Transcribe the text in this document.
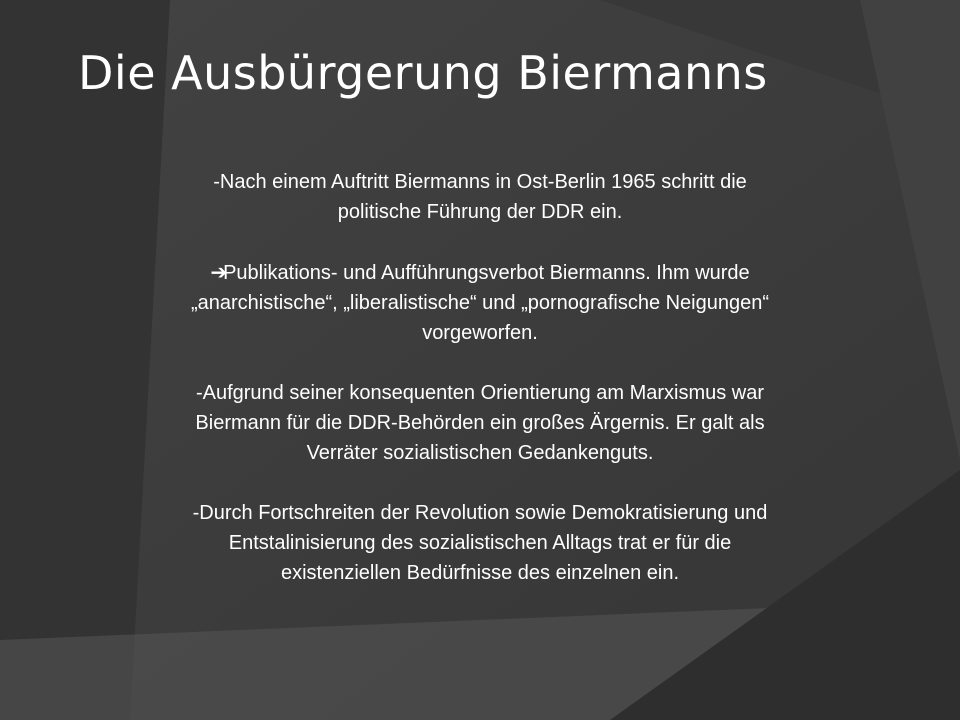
Die Ausbürgerung Biermanns

-Nach einem Auftritt Biermanns in Ost-Berlin 1965 schritt die
politische Führung der DDR ein.

➔Publikations- und Aufführungsverbot Biermanns. Ihm wurde
„anarchistische“, „liberalistische“ und „pornografische Neigungen“
vorgeworfen.

-Aufgrund seiner konsequenten Orientierung am Marxismus war
Biermann für die DDR-Behörden ein großes Ärgernis. Er galt als
Verräter sozialistischen Gedankenguts.

-Durch Fortschreiten der Revolution sowie Demokratisierung und
Entstalinisierung des sozialistischen Alltags trat er für die
existenziellen Bedürfnisse des einzelnen ein.
